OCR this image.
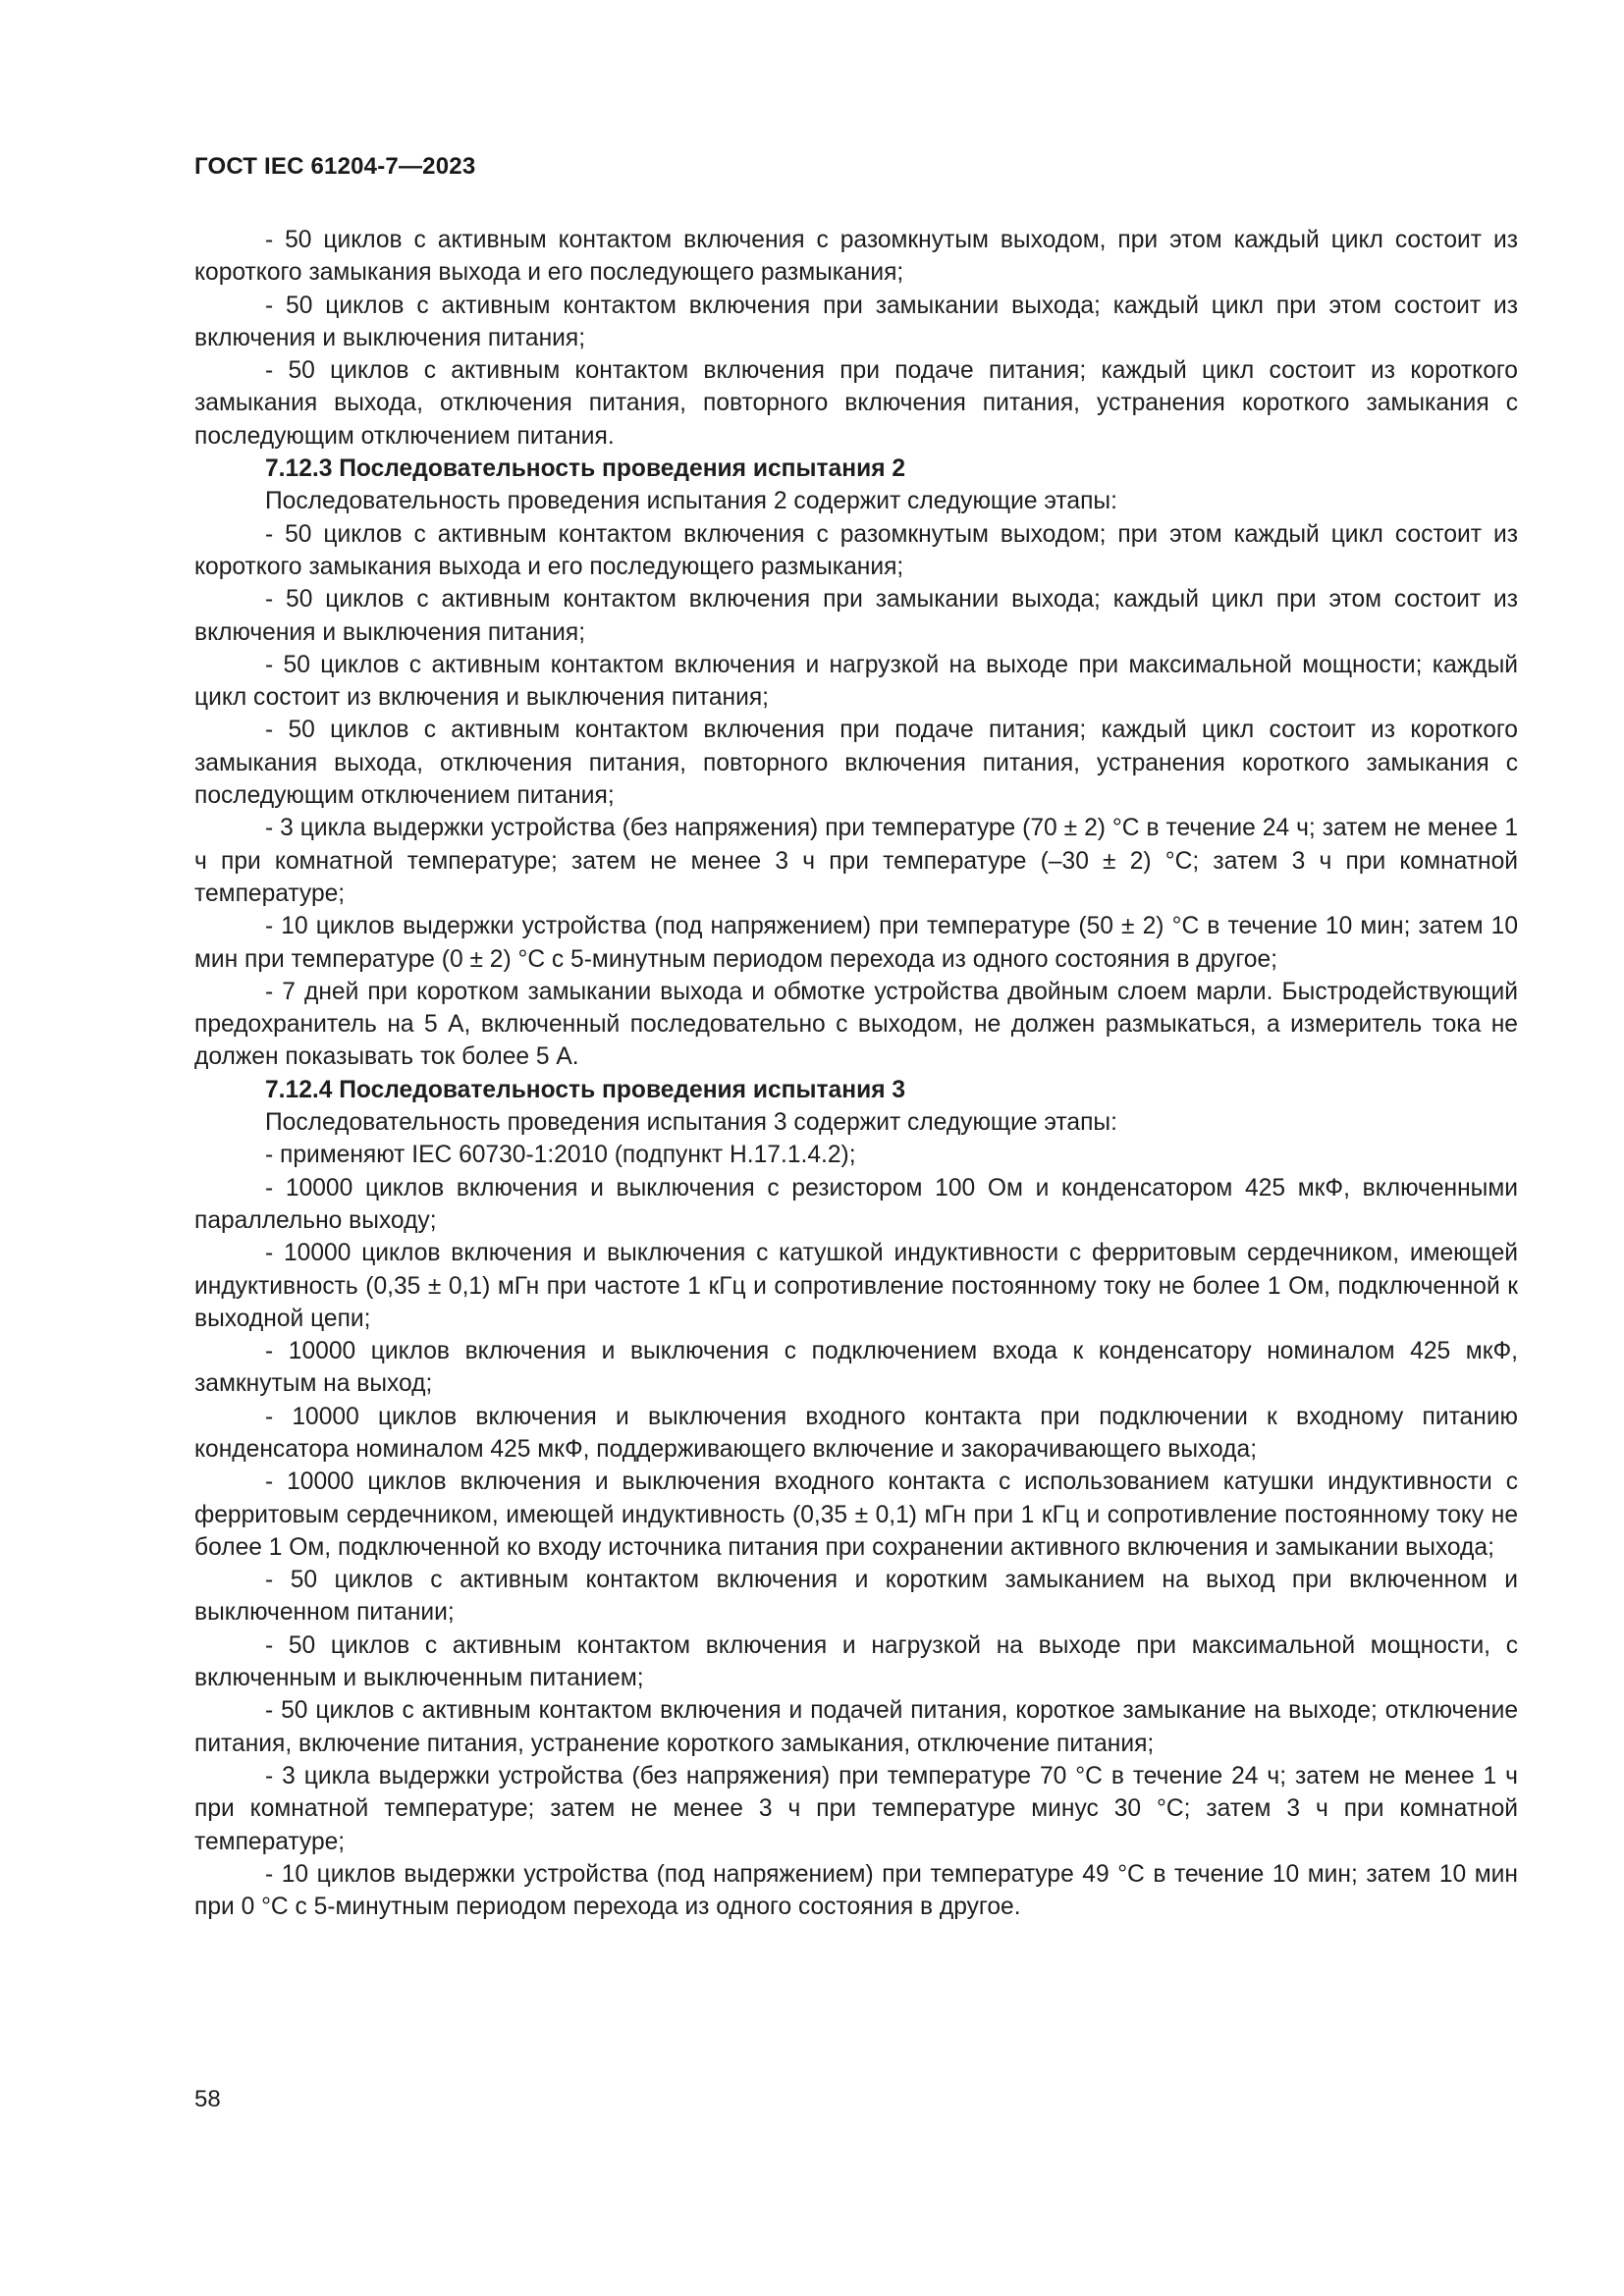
ГОСТ IEC 61204-7—2023

- 50 циклов с активным контактом включения с разомкнутым выходом, при этом каждый цикл состоит из короткого замыкания выхода и его последующего размыкания;

- 50 циклов с активным контактом включения при замыкании выхода; каждый цикл при этом состоит из включения и выключения питания;

- 50 циклов с активным контактом включения при подаче питания; каждый цикл состоит из короткого замыкания выхода, отключения питания, повторного включения питания, устранения короткого замыкания с последующим отключением питания.

7.12.3 Последовательность проведения испытания 2

Последовательность проведения испытания 2 содержит следующие этапы:

- 50 циклов с активным контактом включения с разомкнутым выходом; при этом каждый цикл состоит из короткого замыкания выхода и его последующего размыкания;

- 50 циклов с активным контактом включения при замыкании выхода; каждый цикл при этом состоит из включения и выключения питания;

- 50 циклов с активным контактом включения и нагрузкой на выходе при максимальной мощности; каждый цикл состоит из включения и выключения питания;

- 50 циклов с активным контактом включения при подаче питания; каждый цикл состоит из короткого замыкания выхода, отключения питания, повторного включения питания, устранения короткого замыкания с последующим отключением питания;

- 3 цикла выдержки устройства (без напряжения) при температуре (70 ± 2) °С в течение 24 ч; затем не менее 1 ч при комнатной температуре; затем не менее 3 ч при температуре (–30 ± 2) °С; затем 3 ч при комнатной температуре;

- 10 циклов выдержки устройства (под напряжением) при температуре (50 ± 2) °С в течение 10 мин; затем 10 мин при температуре (0 ± 2) °С с 5-минутным периодом перехода из одного состояния в другое;

- 7 дней при коротком замыкании выхода и обмотке устройства двойным слоем марли. Быстродействующий предохранитель на 5 А, включенный последовательно с выходом, не должен размыкаться, а измеритель тока не должен показывать ток более 5 А.

7.12.4 Последовательность проведения испытания 3

Последовательность проведения испытания 3 содержит следующие этапы:

- применяют IEC 60730-1:2010 (подпункт H.17.1.4.2);

- 10000 циклов включения и выключения с резистором 100 Ом и конденсатором 425 мкФ, включенными параллельно выходу;

- 10000 циклов включения и выключения с катушкой индуктивности с ферритовым сердечником, имеющей индуктивность (0,35 ± 0,1) мГн при частоте 1 кГц и сопротивление постоянному току не более 1 Ом, подключенной к выходной цепи;

- 10000 циклов включения и выключения с подключением входа к конденсатору номиналом 425 мкФ, замкнутым на выход;

- 10000 циклов включения и выключения входного контакта при подключении к входному питанию конденсатора номиналом 425 мкФ, поддерживающего включение и закорачивающего выхода;

- 10000 циклов включения и выключения входного контакта с использованием катушки индуктивности с ферритовым сердечником, имеющей индуктивность (0,35 ± 0,1) мГн при 1 кГц и сопротивление постоянному току не более 1 Ом, подключенной ко входу источника питания при сохранении активного включения и замыкании выхода;

- 50 циклов с активным контактом включения и коротким замыканием на выход при включенном и выключенном питании;

- 50 циклов с активным контактом включения и нагрузкой на выходе при максимальной мощности, с включенным и выключенным питанием;

- 50 циклов с активным контактом включения и подачей питания, короткое замыкание на выходе; отключение питания, включение питания, устранение короткого замыкания, отключение питания;

- 3 цикла выдержки устройства (без напряжения) при температуре 70 °С в течение 24 ч; затем не менее 1 ч при комнатной температуре; затем не менее 3 ч при температуре минус 30 °С; затем 3 ч при комнатной температуре;

- 10 циклов выдержки устройства (под напряжением) при температуре 49 °С в течение 10 мин; затем 10 мин при 0 °С с 5-минутным периодом перехода из одного состояния в другое.

58
